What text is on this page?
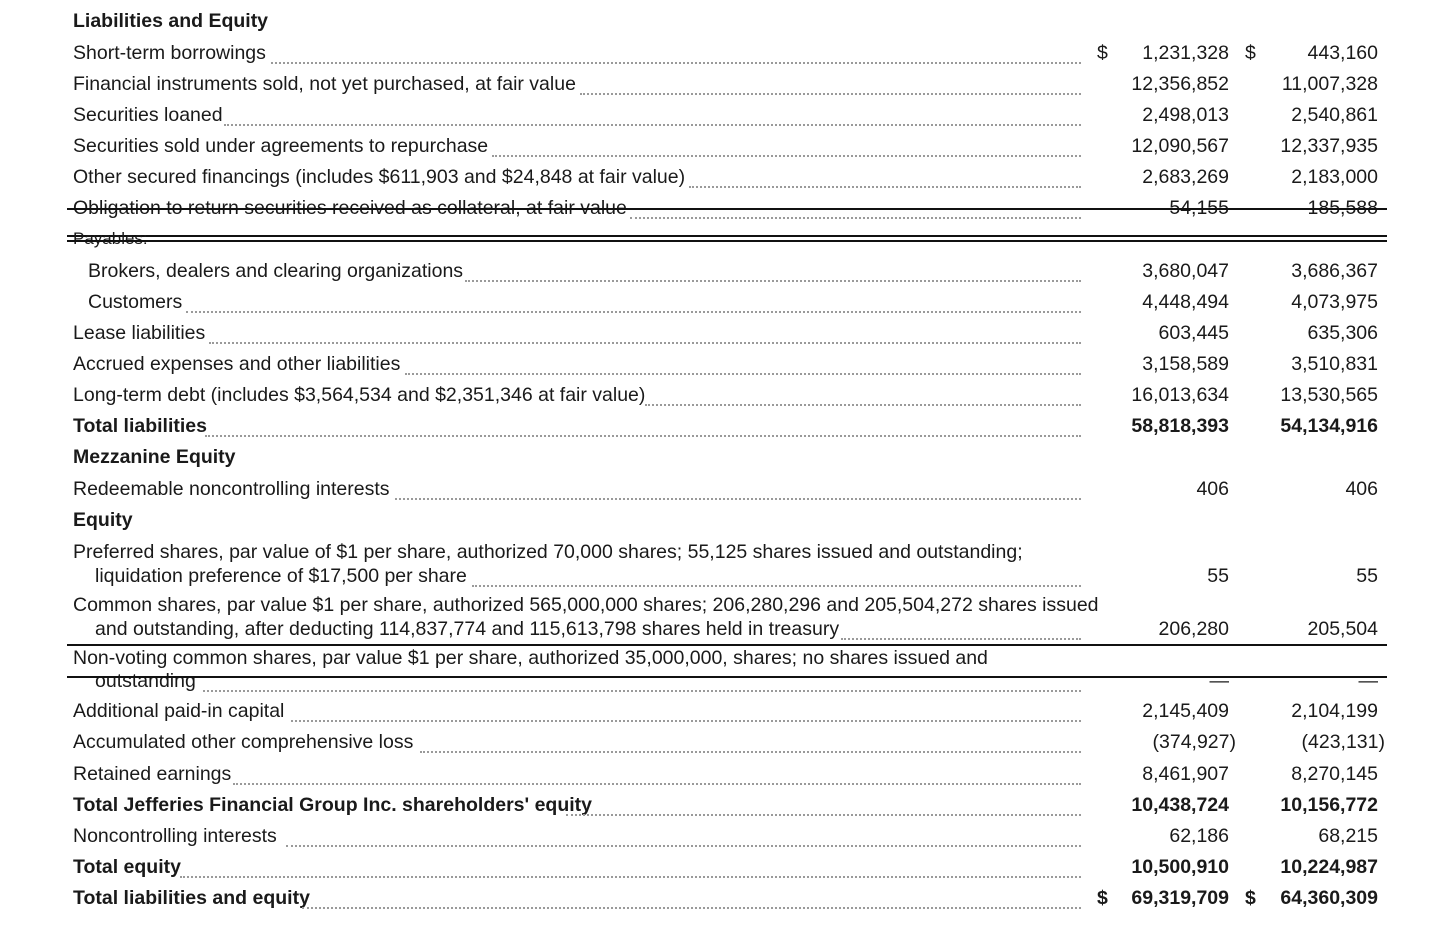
Liabilities and Equity
Short-term borrowings	$	1,231,328 $	443,160
Financial instruments sold, not yet purchased, at fair value	12,356,852	11,007,328
Securities loaned	2,498,013	2,540,861
Securities sold under agreements to repurchase	12,090,567	12,337,935
Other secured financings (includes $611,903 and $24,848 at fair value)	2,683,269	2,183,000
Obligation to return securities received as collateral, at fair value	54,155	185,588
Payables:
Brokers, dealers and clearing organizations	3,680,047	3,686,367
Customers	4,448,494	4,073,975
Lease liabilities	603,445	635,306
Accrued expenses and other liabilities	3,158,589	3,510,831
Long-term debt (includes $3,564,534 and $2,351,346 at fair value)	16,013,634	13,530,565
Total liabilities	58,818,393	54,134,916
Mezzanine Equity
Redeemable noncontrolling interests	406	406
Equity
Preferred shares, par value of $1 per share, authorized 70,000 shares; 55,125 shares issued and outstanding;
liquidation preference of $17,500 per share	55	55
Common shares, par value $1 per share, authorized 565,000,000 shares; 206,280,296 and 205,504,272 shares issued
and outstanding, after deducting 114,837,774 and 115,613,798 shares held in treasury	206,280	205,504
Non-voting common shares, par value $1 per share, authorized 35,000,000, shares; no shares issued and
outstanding	—	—
Additional paid-in capital	2,145,409	2,104,199
Accumulated other comprehensive loss	(374,927)	(423,131)
Retained earnings	8,461,907	8,270,145
Total Jefferies Financial Group Inc. shareholders' equity	10,438,724	10,156,772
Noncontrolling interests	62,186	68,215
Total equity	10,500,910	10,224,987
Total liabilities and equity	$	69,319,709 $	64,360,309
